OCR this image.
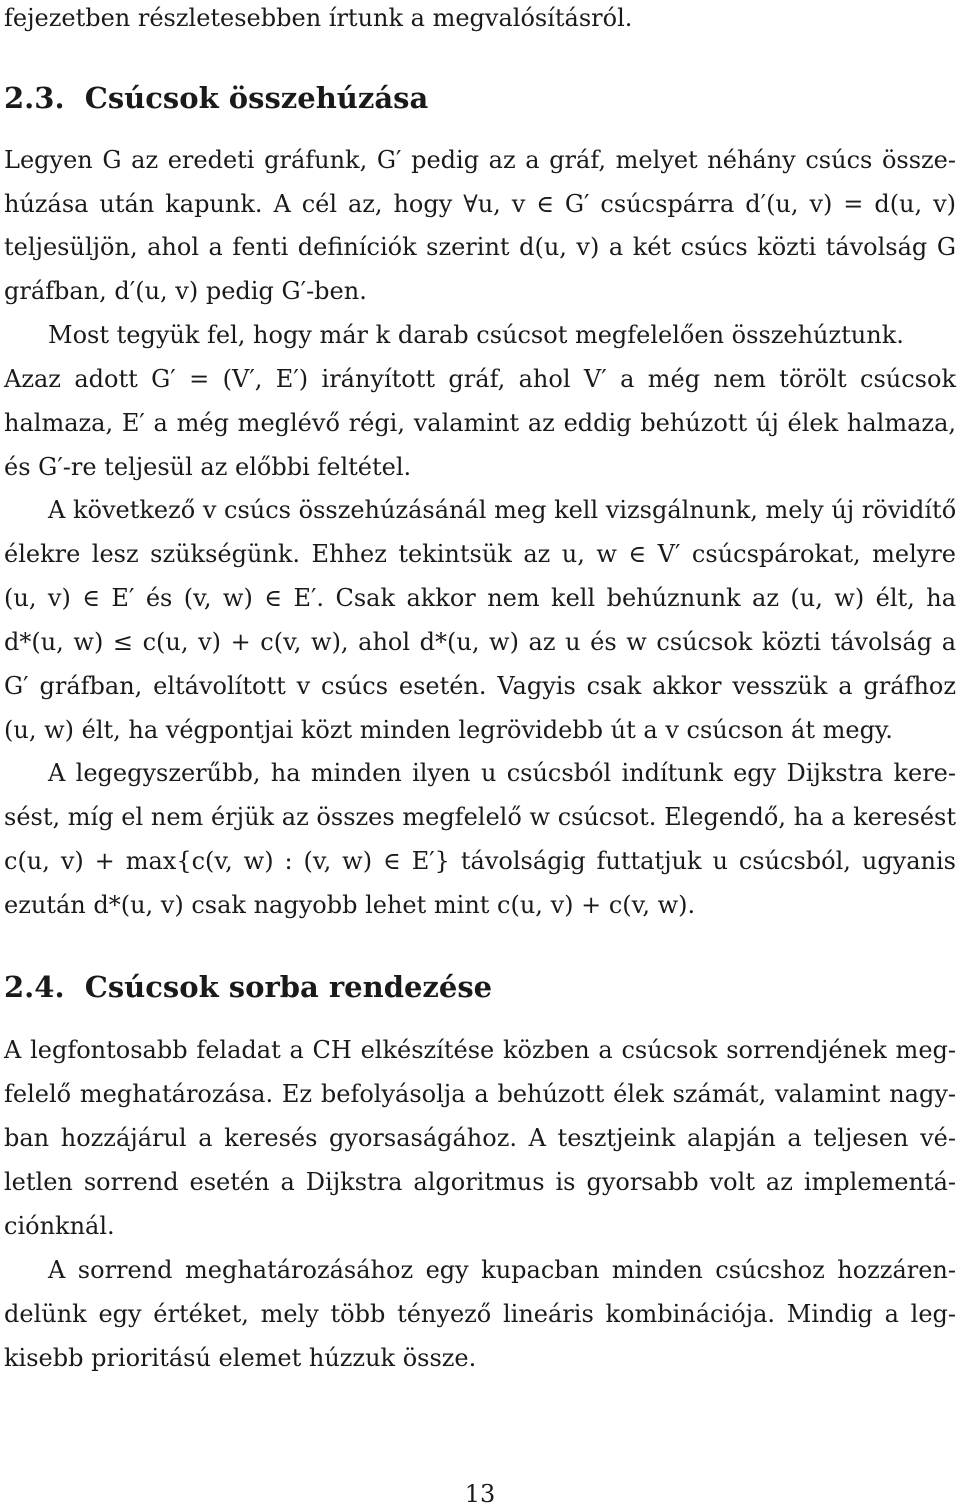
fejezetben részletesebben írtunk a megvalósításról.
2.3. Csúcsok összehúzása
Legyen G az eredeti gráfunk, G′ pedig az a gráf, melyet néhány csúcs össze-
húzása után kapunk. A cél az, hogy ∀u, v ∈ G′ csúcspárra d′(u, v) = d(u, v)
teljesüljön, ahol a fenti definíciók szerint d(u, v) a két csúcs közti távolság G
gráfban, d′(u, v) pedig G′-ben.
Most tegyük fel, hogy már k darab csúcsot megfelelően összehúztunk.
Azaz adott G′ = (V′, E′) irányított gráf, ahol V′ a még nem törölt csúcsok
halmaza, E′ a még meglévő régi, valamint az eddig behúzott új élek halmaza,
és G′-re teljesül az előbbi feltétel.
A következő v csúcs összehúzásánál meg kell vizsgálnunk, mely új rövidítő
élekre lesz szükségünk. Ehhez tekintsük az u, w ∈ V′ csúcspárokat, melyre
(u, v) ∈ E′ és (v, w) ∈ E′. Csak akkor nem kell behúznunk az (u, w) élt, ha
d*(u, w) ≤ c(u, v) + c(v, w), ahol d*(u, w) az u és w csúcsok közti távolság a
G′ gráfban, eltávolított v csúcs esetén. Vagyis csak akkor vesszük a gráfhoz
(u, w) élt, ha végpontjai közt minden legrövidebb út a v csúcson át megy.
A legegyszerűbb, ha minden ilyen u csúcsból indítunk egy Dijkstra kere-
sést, míg el nem érjük az összes megfelelő w csúcsot. Elegendő, ha a keresést
c(u, v) + max{c(v, w) : (v, w) ∈ E′} távolságig futtatjuk u csúcsból, ugyanis
ezután d*(u, v) csak nagyobb lehet mint c(u, v) + c(v, w).
2.4. Csúcsok sorba rendezése
A legfontosabb feladat a CH elkészítése közben a csúcsok sorrendjének meg-
felelő meghatározása. Ez befolyásolja a behúzott élek számát, valamint nagy-
ban hozzájárul a keresés gyorsaságához. A tesztjeink alapján a teljesen vé-
letlen sorrend esetén a Dijkstra algoritmus is gyorsabb volt az implementá-
ciónknál.
A sorrend meghatározásához egy kupacban minden csúcshoz hozzáren-
delünk egy értéket, mely több tényező lineáris kombinációja. Mindig a leg-
kisebb prioritású elemet húzzuk össze.
13
